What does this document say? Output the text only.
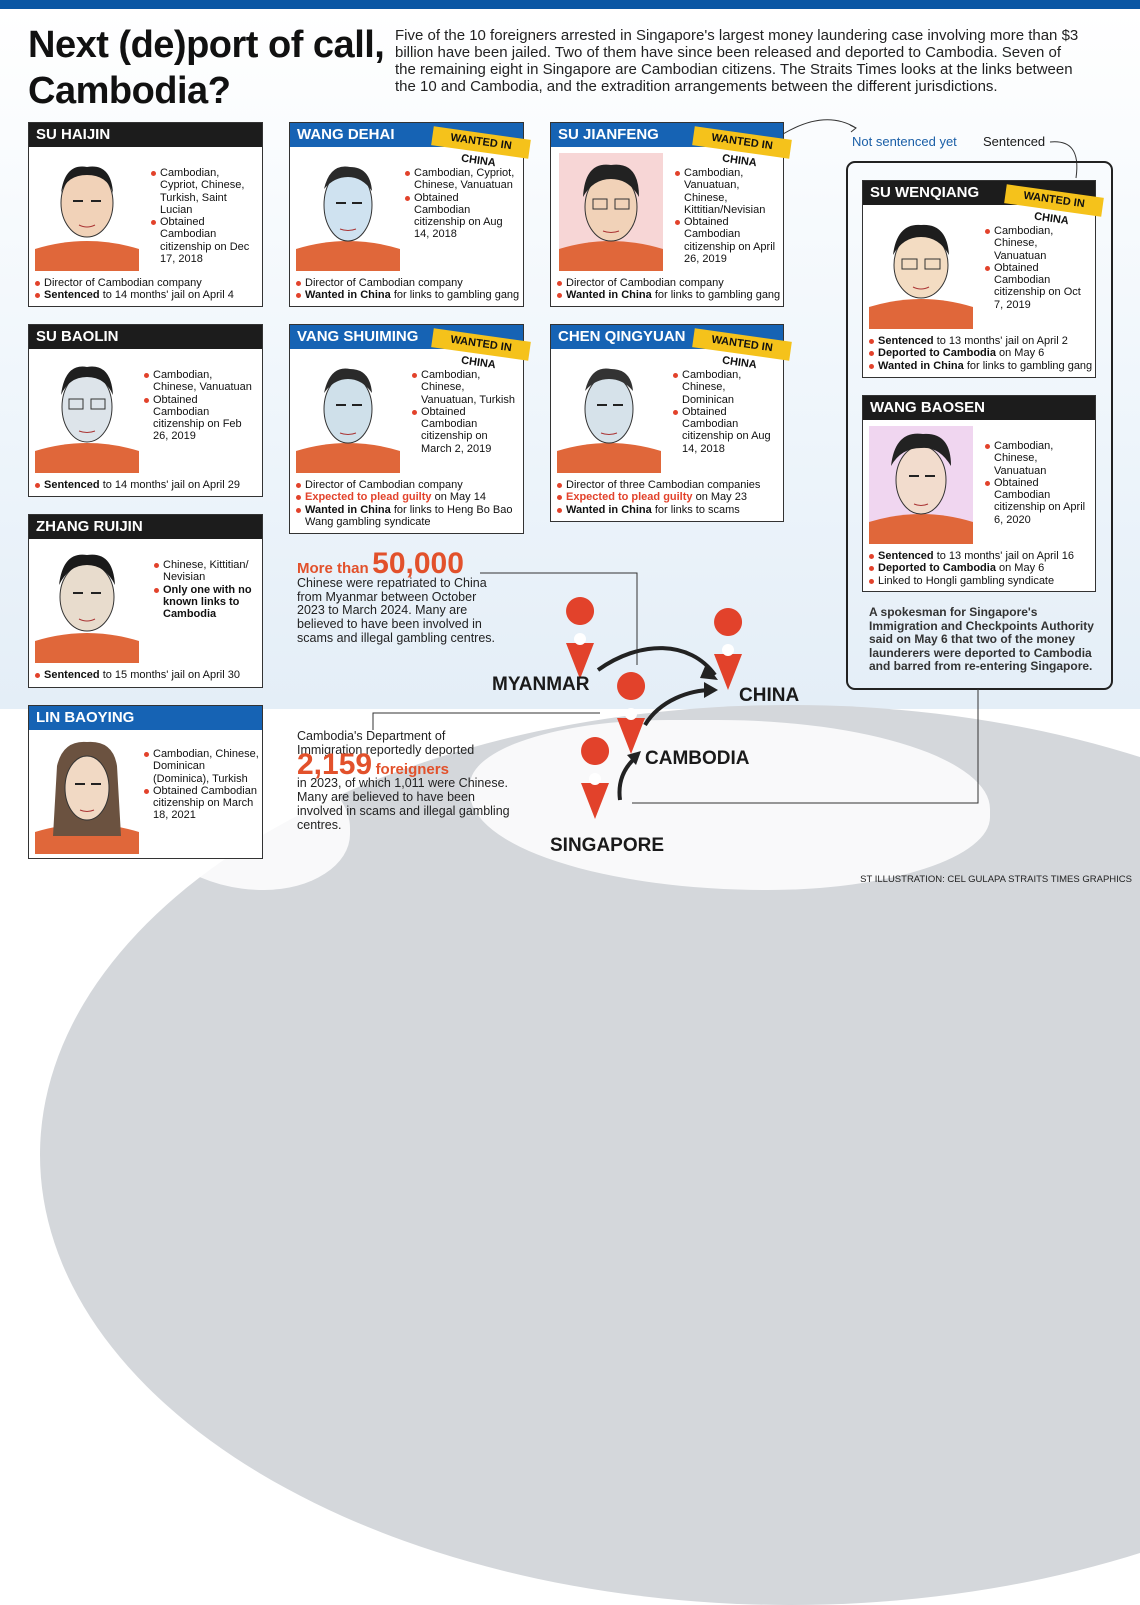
Next (de)port of call, Cambodia?
Five of the 10 foreigners arrested in Singapore's largest money laundering case involving more than $3 billion have been jailed. Two of them have since been released and deported to Cambodia. Seven of the remaining eight in Singapore are Cambodian citizens. The Straits Times looks at the links between the 10 and Cambodia, and the extradition arrangements between the different jurisdictions.
Not sentenced yet Sentenced
SU HAIJIN
Cambodian, Cypriot, Chinese, Turkish, Saint Lucian
Obtained Cambodian citizenship on Dec 17, 2018
Director of Cambodian company
Sentenced to 14 months' jail on April 4
WANG DEHAI	WANTED IN CHINA
Cambodian, Cypriot, Chinese, Vanuatuan
Obtained Cambodian citizenship on Aug 14, 2018
Director of Cambodian company
Wanted in China for links to gambling gang
SU JIANFENG	WANTED IN CHINA
Cambodian, Vanuatuan, Chinese, Kittitian/Nevisian
Obtained Cambodian citizenship on April 26, 2019
Director of Cambodian company
Wanted in China for links to gambling gang
SU BAOLIN
Cambodian, Chinese, Vanuatuan
Obtained Cambodian citizenship on Feb 26, 2019
Sentenced to 14 months' jail on April 29
VANG SHUIMING	WANTED IN CHINA
Cambodian, Chinese, Vanuatuan, Turkish
Obtained Cambodian citizenship on March 2, 2019
Director of Cambodian company
Expected to plead guilty on May 14
Wanted in China for links to Heng Bo Bao Wang gambling syndicate
CHEN QINGYUAN	WANTED IN CHINA
Cambodian, Chinese, Dominican
Obtained Cambodian citizenship on Aug 14, 2018
Director of three Cambodian companies
Expected to plead guilty on May 23
Wanted in China for links to scams
ZHANG RUIJIN
Chinese, Kittitian/ Nevisian
Only one with no known links to Cambodia
Sentenced to 15 months' jail on April 30
LIN BAOYING
Cambodian, Chinese, Dominican (Dominica), Turkish
Obtained Cambodian citizenship on March 18, 2021
SU WENQIANG	WANTED IN CHINA
Cambodian, Chinese, Vanuatuan
Obtained Cambodian citizenship on Oct 7, 2019
Sentenced to 13 months' jail on April 2
Deported to Cambodia on May 6
Wanted in China for links to gambling gang
WANG BAOSEN
Cambodian, Chinese, Vanuatuan
Obtained Cambodian citizenship on April 6, 2020
Sentenced to 13 months' jail on April 16
Deported to Cambodia on May 6
Linked to Hongli gambling syndicate
A spokesman for Singapore's Immigration and Checkpoints Authority said on May 6 that two of the money launderers were deported to Cambodia and barred from re-entering Singapore.
More than 50,000
Chinese were repatriated to China from Myanmar between October 2023 to March 2024. Many are believed to have been involved in scams and illegal gambling centres.
Cambodia's Department of Immigration reportedly deported
2,159 foreigners
in 2023, of which 1,011 were Chinese. Many are believed to have been involved in scams and illegal gambling centres.
MYANMAR
CHINA
CAMBODIA
SINGAPORE
ST ILLUSTRATION: CEL GULAPA STRAITS TIMES GRAPHICS
